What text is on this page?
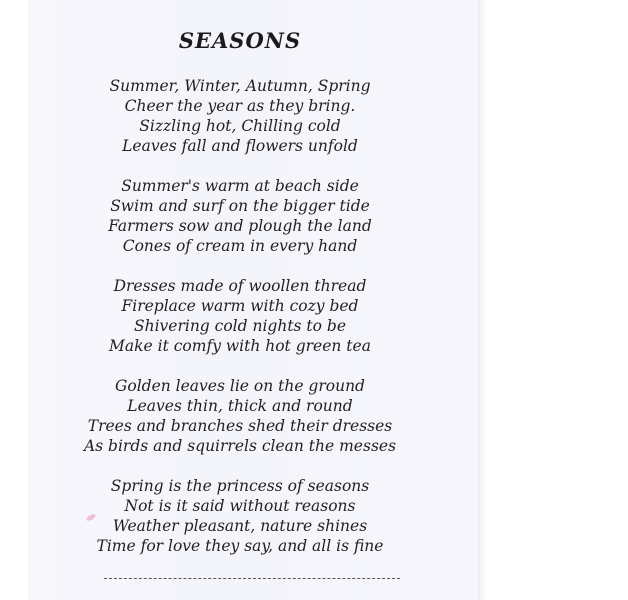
SEASONS
Summer, Winter, Autumn, Spring
Cheer the year as they bring.
Sizzling hot, Chilling cold
Leaves fall and flowers unfold
Summer's warm at beach side
Swim and surf on the bigger tide
Farmers sow and plough the land
Cones of cream in every hand
Dresses made of woollen thread
Fireplace warm with cozy bed
Shivering cold nights to be
Make it comfy with hot green tea
Golden leaves lie on the ground
Leaves thin, thick and round
Trees and branches shed their dresses
As birds and squirrels clean the messes
Spring is the princess of seasons
Not is it said without reasons
Weather pleasant, nature shines
Time for love they say, and all is fine
